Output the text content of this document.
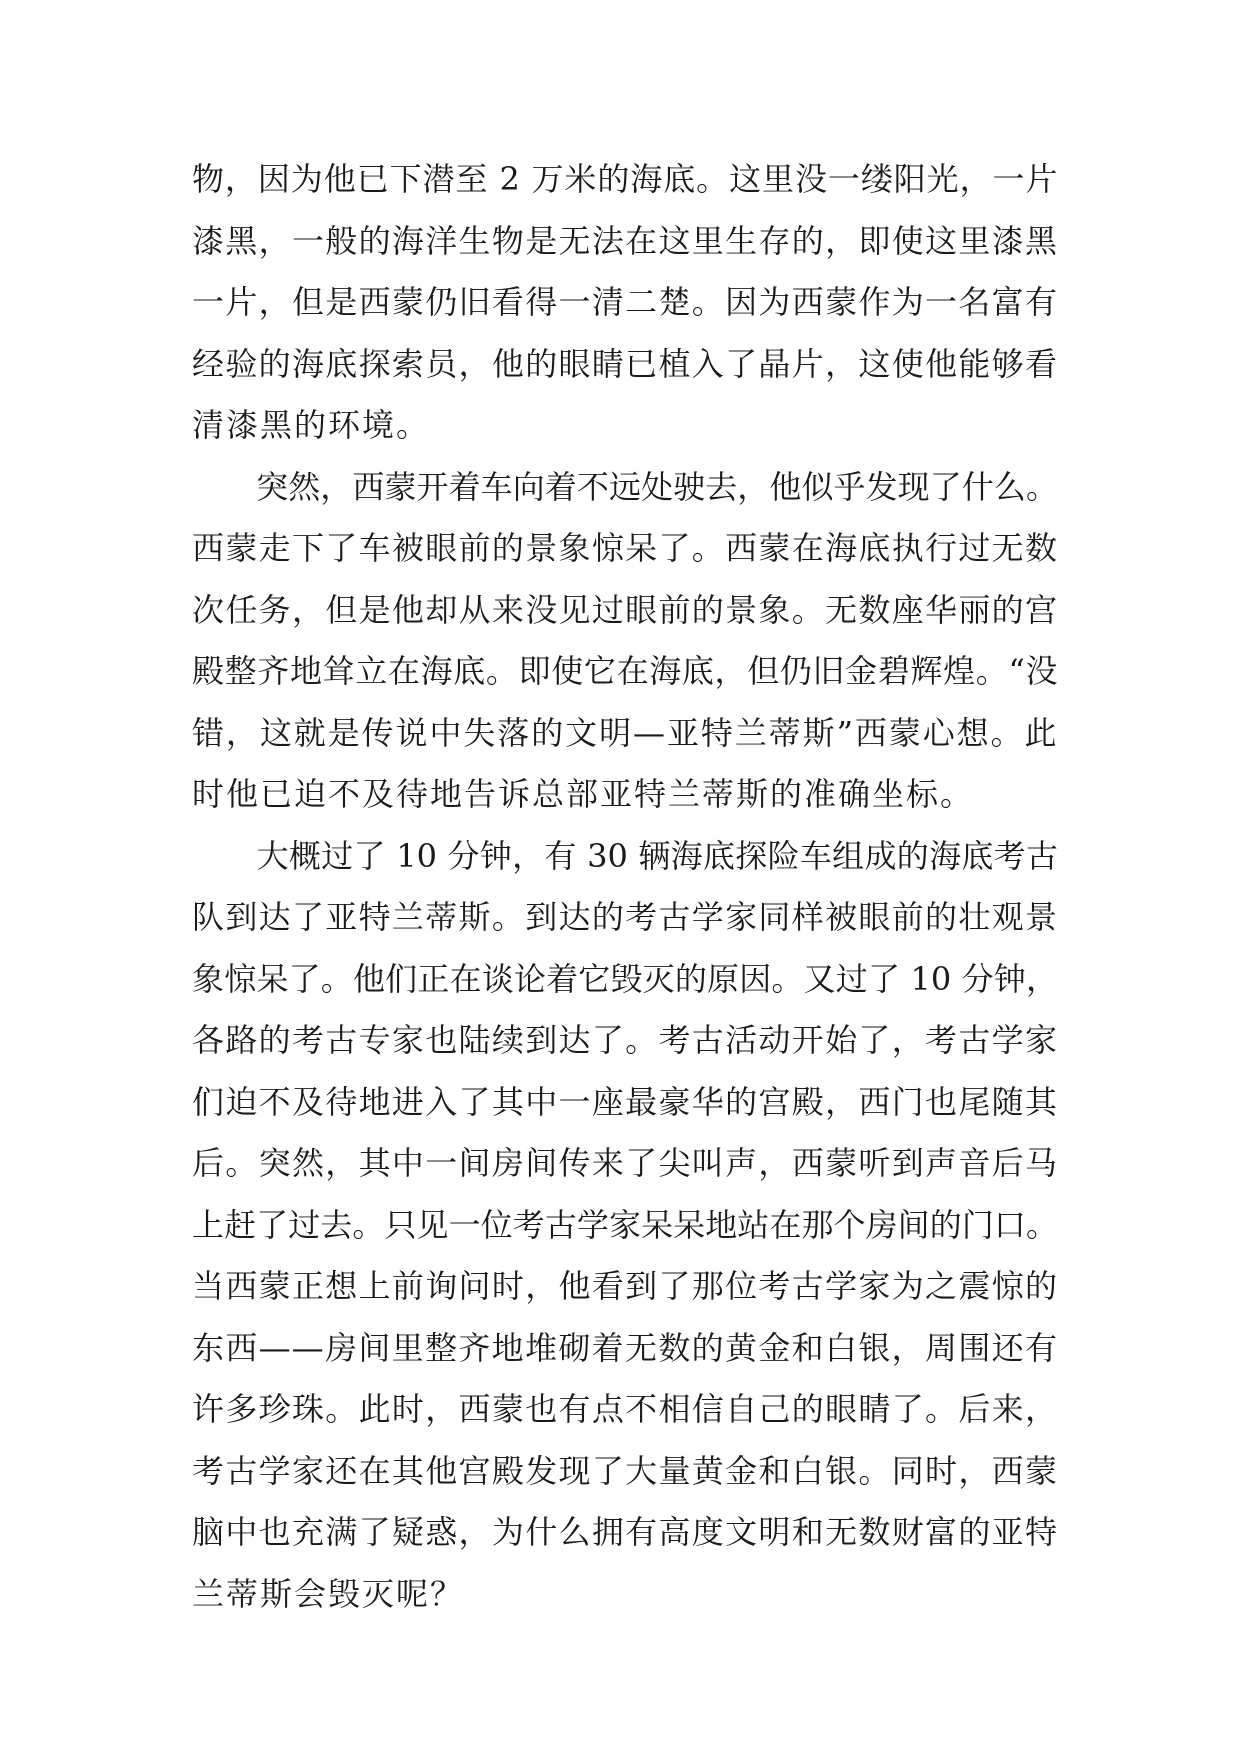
物，因为他已下潜至 2 万米的海底。这里没一缕阳光，一片
漆黑，一般的海洋生物是无法在这里生存的，即使这里漆黑
一片，但是西蒙仍旧看得一清二楚。因为西蒙作为一名富有
经验的海底探索员，他的眼睛已植入了晶片，这使他能够看
清漆黑的环境。
　　突然，西蒙开着车向着不远处驶去，他似乎发现了什么。
西蒙走下了车被眼前的景象惊呆了。西蒙在海底执行过无数
次任务，但是他却从来没见过眼前的景象。无数座华丽的宫
殿整齐地耸立在海底。即使它在海底，但仍旧金碧辉煌。“没
错，这就是传说中失落的文明—亚特兰蒂斯”西蒙心想。此
时他已迫不及待地告诉总部亚特兰蒂斯的准确坐标。
　　大概过了 10 分钟，有 30 辆海底探险车组成的海底考古
队到达了亚特兰蒂斯。到达的考古学家同样被眼前的壮观景
象惊呆了。他们正在谈论着它毁灭的原因。又过了 10 分钟，
各路的考古专家也陆续到达了。考古活动开始了，考古学家
们迫不及待地进入了其中一座最豪华的宫殿，西门也尾随其
后。突然，其中一间房间传来了尖叫声，西蒙听到声音后马
上赶了过去。只见一位考古学家呆呆地站在那个房间的门口。
当西蒙正想上前询问时，他看到了那位考古学家为之震惊的
东西——房间里整齐地堆砌着无数的黄金和白银，周围还有
许多珍珠。此时，西蒙也有点不相信自己的眼睛了。后来，
考古学家还在其他宫殿发现了大量黄金和白银。同时，西蒙
脑中也充满了疑惑，为什么拥有高度文明和无数财富的亚特
兰蒂斯会毁灭呢？
